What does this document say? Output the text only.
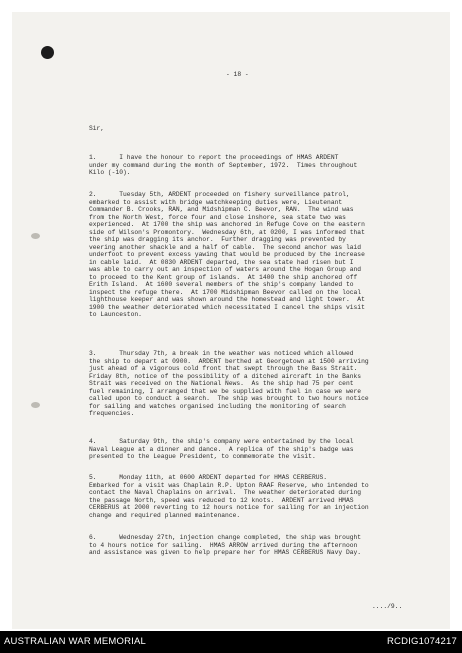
- 18 -

Sir,

1.      I have the honour to report the proceedings of HMAS ARDENT
under my command during the month of September, 1972.  Times throughout
Kilo (-10).

2.      Tuesday 5th, ARDENT proceeded on fishery surveillance patrol,
embarked to assist with bridge watchkeeping duties were, Lieutenant
Commander B. Crooks, RAN, and Midshipman C. Beevor, RAN.  The wind was
from the North West, force four and close inshore, sea state two was
experienced.  At 1700 the ship was anchored in Refuge Cove on the eastern
side of Wilson's Promontory.  Wednesday 6th, at 0200, I was informed that
the ship was dragging its anchor.  Further dragging was prevented by
veering another shackle and a half of cable.  The second anchor was laid
underfoot to prevent excess yawing that would be produced by the increase
in cable laid.  At 0830 ARDENT departed, the sea state had risen but I
was able to carry out an inspection of waters around the Hogan Group and
to proceed to the Kent group of islands.  At 1400 the ship anchored off
Erith Island.  At 1600 several members of the ship's company landed to
inspect the refuge there.  At 1700 Midshipman Beevor called on the local
lighthouse keeper and was shown around the homestead and light tower.  At
1900 the weather deteriorated which necessitated I cancel the ships visit
to Launceston.

3.      Thursday 7th, a break in the weather was noticed which allowed
the ship to depart at 0900.  ARDENT berthed at Georgetown at 1500 arriving
just ahead of a vigorous cold front that swept through the Bass Strait.
Friday 8th, notice of the possibility of a ditched aircraft in the Banks
Strait was received on the National News.  As the ship had 75 per cent
fuel remaining, I arranged that we be supplied with fuel in case we were
called upon to conduct a search.  The ship was brought to two hours notice
for sailing and watches organised including the monitoring of search
frequencies.

4.      Saturday 9th, the ship's company were entertained by the local
Naval League at a dinner and dance.  A replica of the ship's badge was
presented to the League President, to commemorate the visit.

5.      Monday 11th, at 0600 ARDENT departed for HMAS CERBERUS.
Embarked for a visit was Chaplain R.P. Upton RAAF Reserve, who intended to
contact the Naval Chaplains on arrival.  The weather deteriorated during
the passage North, speed was reduced to 12 knots.  ARDENT arrived HMAS
CERBERUS at 2000 reverting to 12 hours notice for sailing for an injection
change and required planned maintenance.

6.      Wednesday 27th, injection change completed, the ship was brought
to 4 hours notice for sailing.  HMAS ARROW arrived during the afternoon
and assistance was given to help prepare her for HMAS CERBERUS Navy Day.

..../9..

AUSTRALIAN WAR MEMORIAL	RCDIG1074217
